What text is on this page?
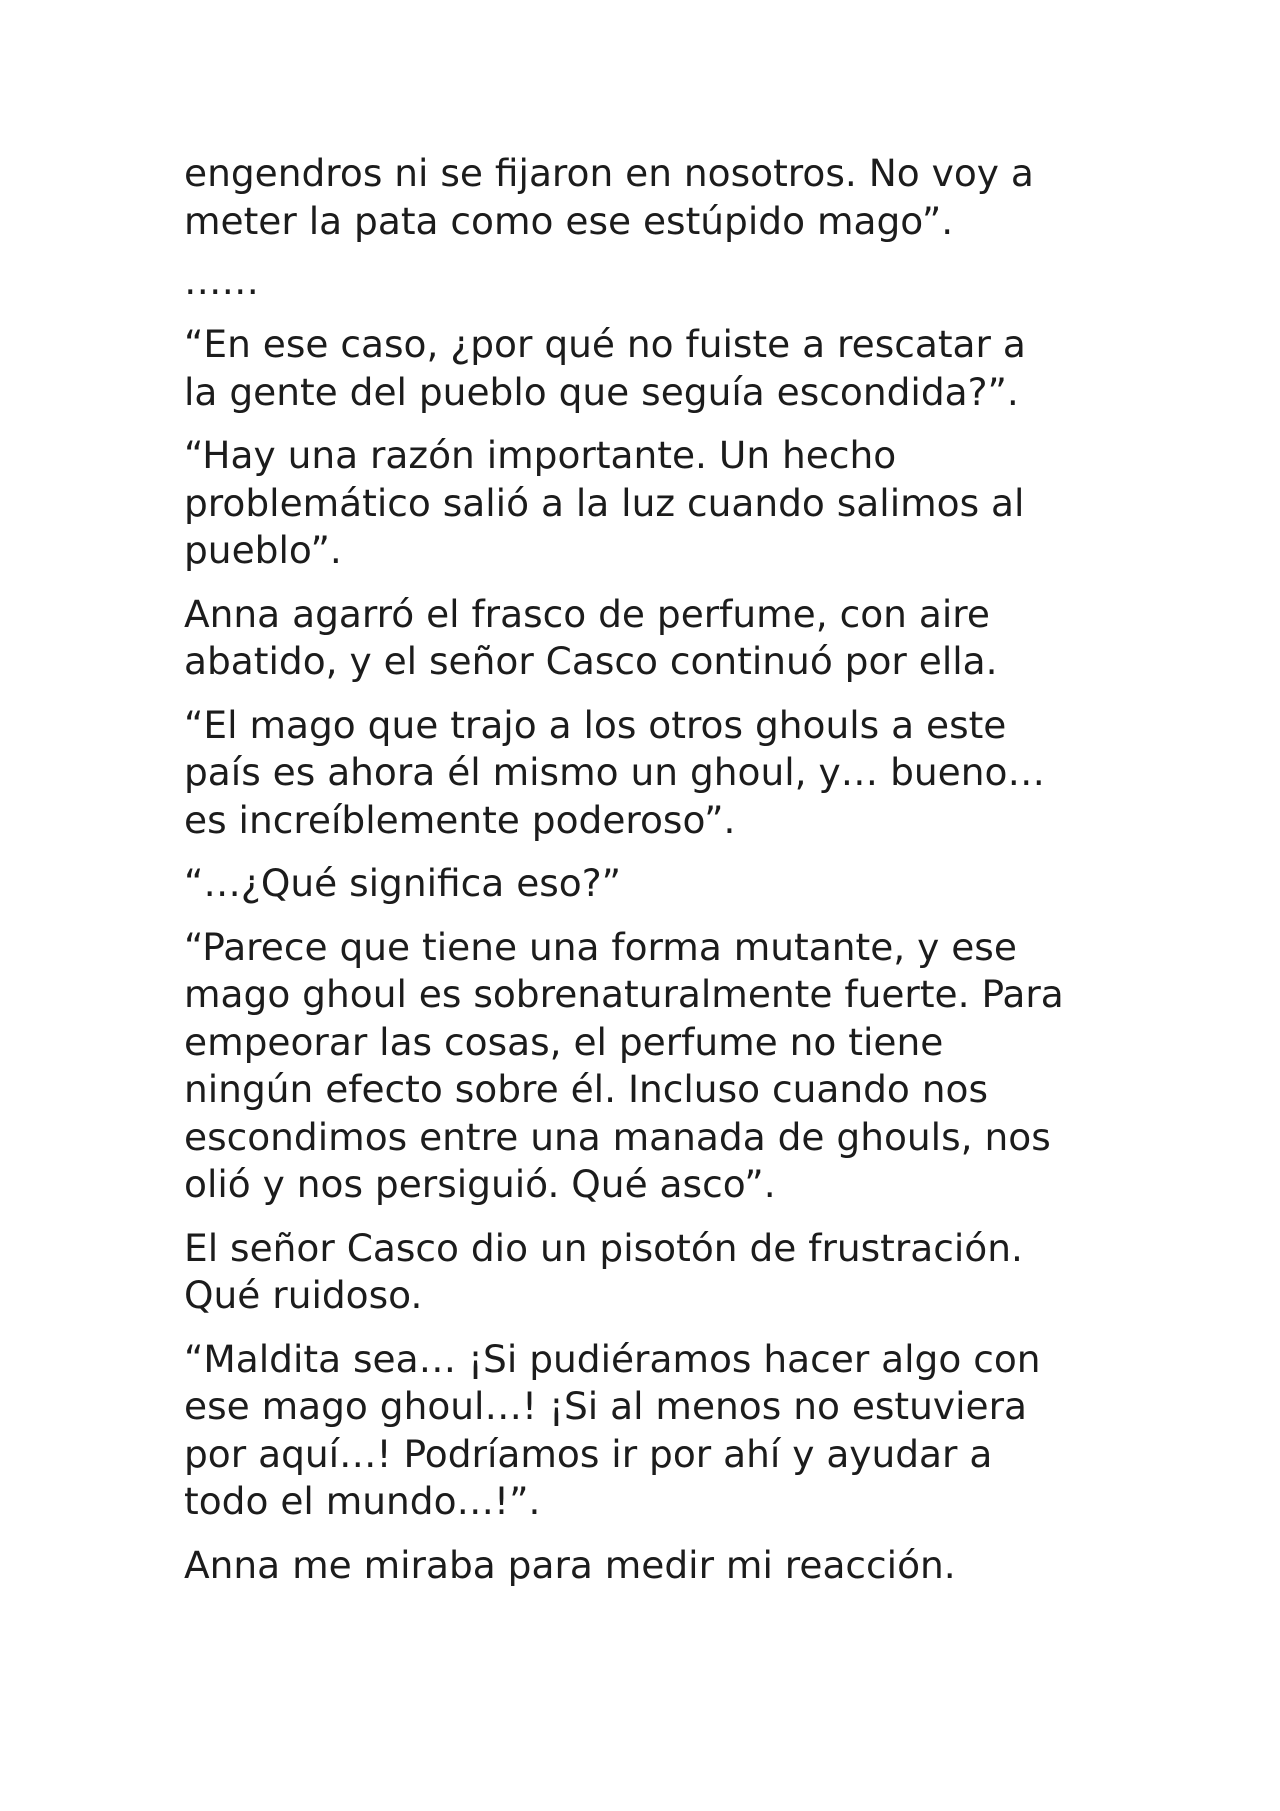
engendros ni se fijaron en nosotros. No voy a
meter la pata como ese estúpido mago”.

……

“En ese caso, ¿por qué no fuiste a rescatar a
la gente del pueblo que seguía escondida?”.

“Hay una razón importante. Un hecho
problemático salió a la luz cuando salimos al
pueblo”.

Anna agarró el frasco de perfume, con aire
abatido, y el señor Casco continuó por ella.

“El mago que trajo a los otros ghouls a este
país es ahora él mismo un ghoul, y… bueno…
es increíblemente poderoso”.

“…¿Qué significa eso?”

“Parece que tiene una forma mutante, y ese
mago ghoul es sobrenaturalmente fuerte. Para
empeorar las cosas, el perfume no tiene
ningún efecto sobre él. Incluso cuando nos
escondimos entre una manada de ghouls, nos
olió y nos persiguió. Qué asco”.

El señor Casco dio un pisotón de frustración.
Qué ruidoso.

“Maldita sea… ¡Si pudiéramos hacer algo con
ese mago ghoul…! ¡Si al menos no estuviera
por aquí…! Podríamos ir por ahí y ayudar a
todo el mundo…!”.

Anna me miraba para medir mi reacción.
